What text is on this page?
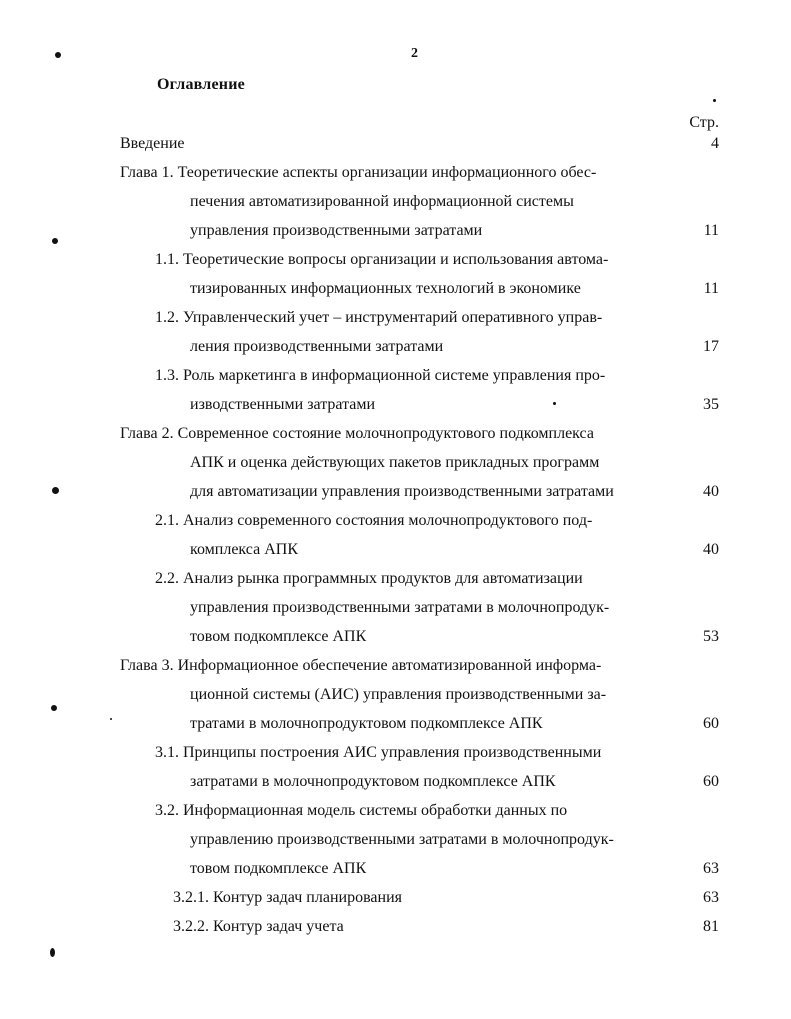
2
Оглавление
Стр.
Введение	4
Глава 1. Теоретические аспекты организации информационного обес-
печения автоматизированной информационной системы
управления производственными затратами	11
1.1. Теоретические вопросы организации и использования автома-
тизированных информационных технологий в экономике	11
1.2. Управленческий учет – инструментарий оперативного управ-
ления производственными затратами	17
1.3. Роль маркетинга в информационной системе управления про-
изводственными затратами	35
Глава 2. Современное состояние молочнопродуктового подкомплекса
АПК и оценка действующих пакетов прикладных программ
для автоматизации управления производственными затратами	40
2.1. Анализ современного состояния молочнопродуктового под-
комплекса АПК	40
2.2. Анализ рынка программных продуктов для автоматизации
управления производственными затратами в молочнопродук-
товом подкомплексе АПК	53
Глава 3. Информационное обеспечение автоматизированной информа-
ционной системы (АИС) управления производственными за-
тратами в молочнопродуктовом подкомплексе АПК	60
3.1. Принципы построения АИС управления производственными
затратами в молочнопродуктовом подкомплексе АПК	60
3.2. Информационная модель системы обработки данных по
управлению производственными затратами в молочнопродук-
товом подкомплексе АПК	63
3.2.1. Контур задач планирования	63
3.2.2. Контур задач учета	81
